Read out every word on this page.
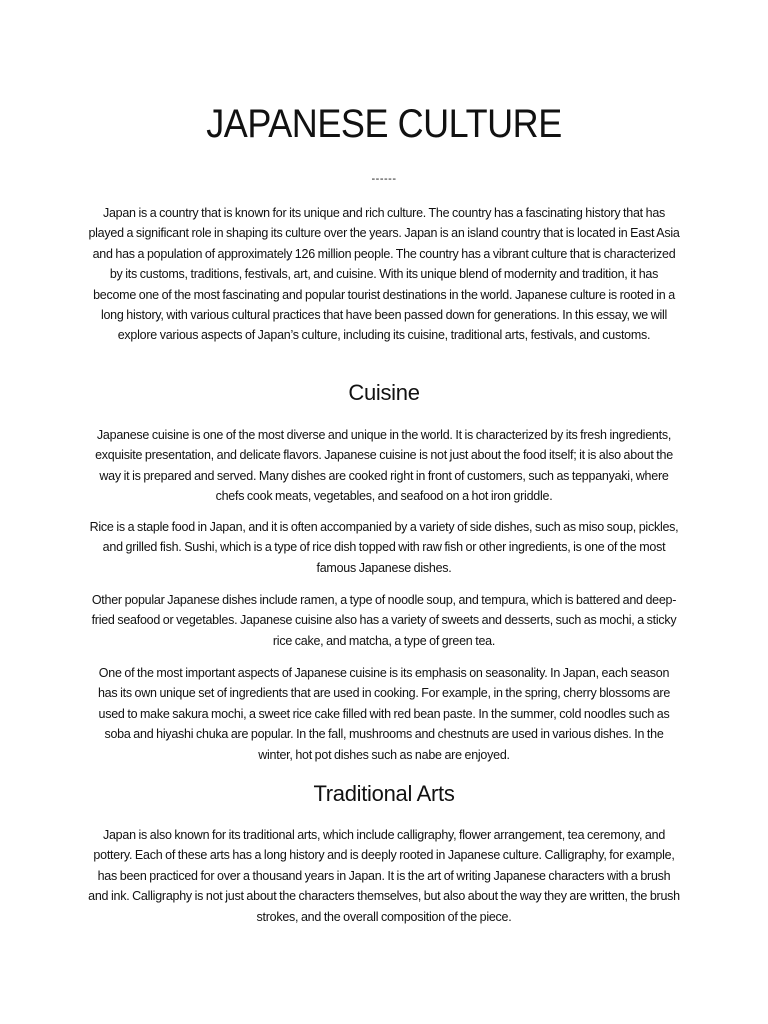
JAPANESE CULTURE
------

Japan is a country that is known for its unique and rich culture. The country has a fascinating history that has played a significant role in shaping its culture over the years. Japan is an island country that is located in East Asia and has a population of approximately 126 million people. The country has a vibrant culture that is characterized by its customs, traditions, festivals, art, and cuisine. With its unique blend of modernity and tradition, it has become one of the most fascinating and popular tourist destinations in the world. Japanese culture is rooted in a long history, with various cultural practices that have been passed down for generations. In this essay, we will explore various aspects of Japan’s culture, including its cuisine, traditional arts, festivals, and customs.

Cuisine

Japanese cuisine is one of the most diverse and unique in the world. It is characterized by its fresh ingredients, exquisite presentation, and delicate flavors. Japanese cuisine is not just about the food itself; it is also about the way it is prepared and served. Many dishes are cooked right in front of customers, such as teppanyaki, where chefs cook meats, vegetables, and seafood on a hot iron griddle.

Rice is a staple food in Japan, and it is often accompanied by a variety of side dishes, such as miso soup, pickles, and grilled fish. Sushi, which is a type of rice dish topped with raw fish or other ingredients, is one of the most famous Japanese dishes.

Other popular Japanese dishes include ramen, a type of noodle soup, and tempura, which is battered and deep-fried seafood or vegetables. Japanese cuisine also has a variety of sweets and desserts, such as mochi, a sticky rice cake, and matcha, a type of green tea.

One of the most important aspects of Japanese cuisine is its emphasis on seasonality. In Japan, each season has its own unique set of ingredients that are used in cooking. For example, in the spring, cherry blossoms are used to make sakura mochi, a sweet rice cake filled with red bean paste. In the summer, cold noodles such as soba and hiyashi chuka are popular. In the fall, mushrooms and chestnuts are used in various dishes. In the winter, hot pot dishes such as nabe are enjoyed.

Traditional Arts

Japan is also known for its traditional arts, which include calligraphy, flower arrangement, tea ceremony, and pottery. Each of these arts has a long history and is deeply rooted in Japanese culture. Calligraphy, for example, has been practiced for over a thousand years in Japan. It is the art of writing Japanese characters with a brush and ink. Calligraphy is not just about the characters themselves, but also about the way they are written, the brush strokes, and the overall composition of the piece.
